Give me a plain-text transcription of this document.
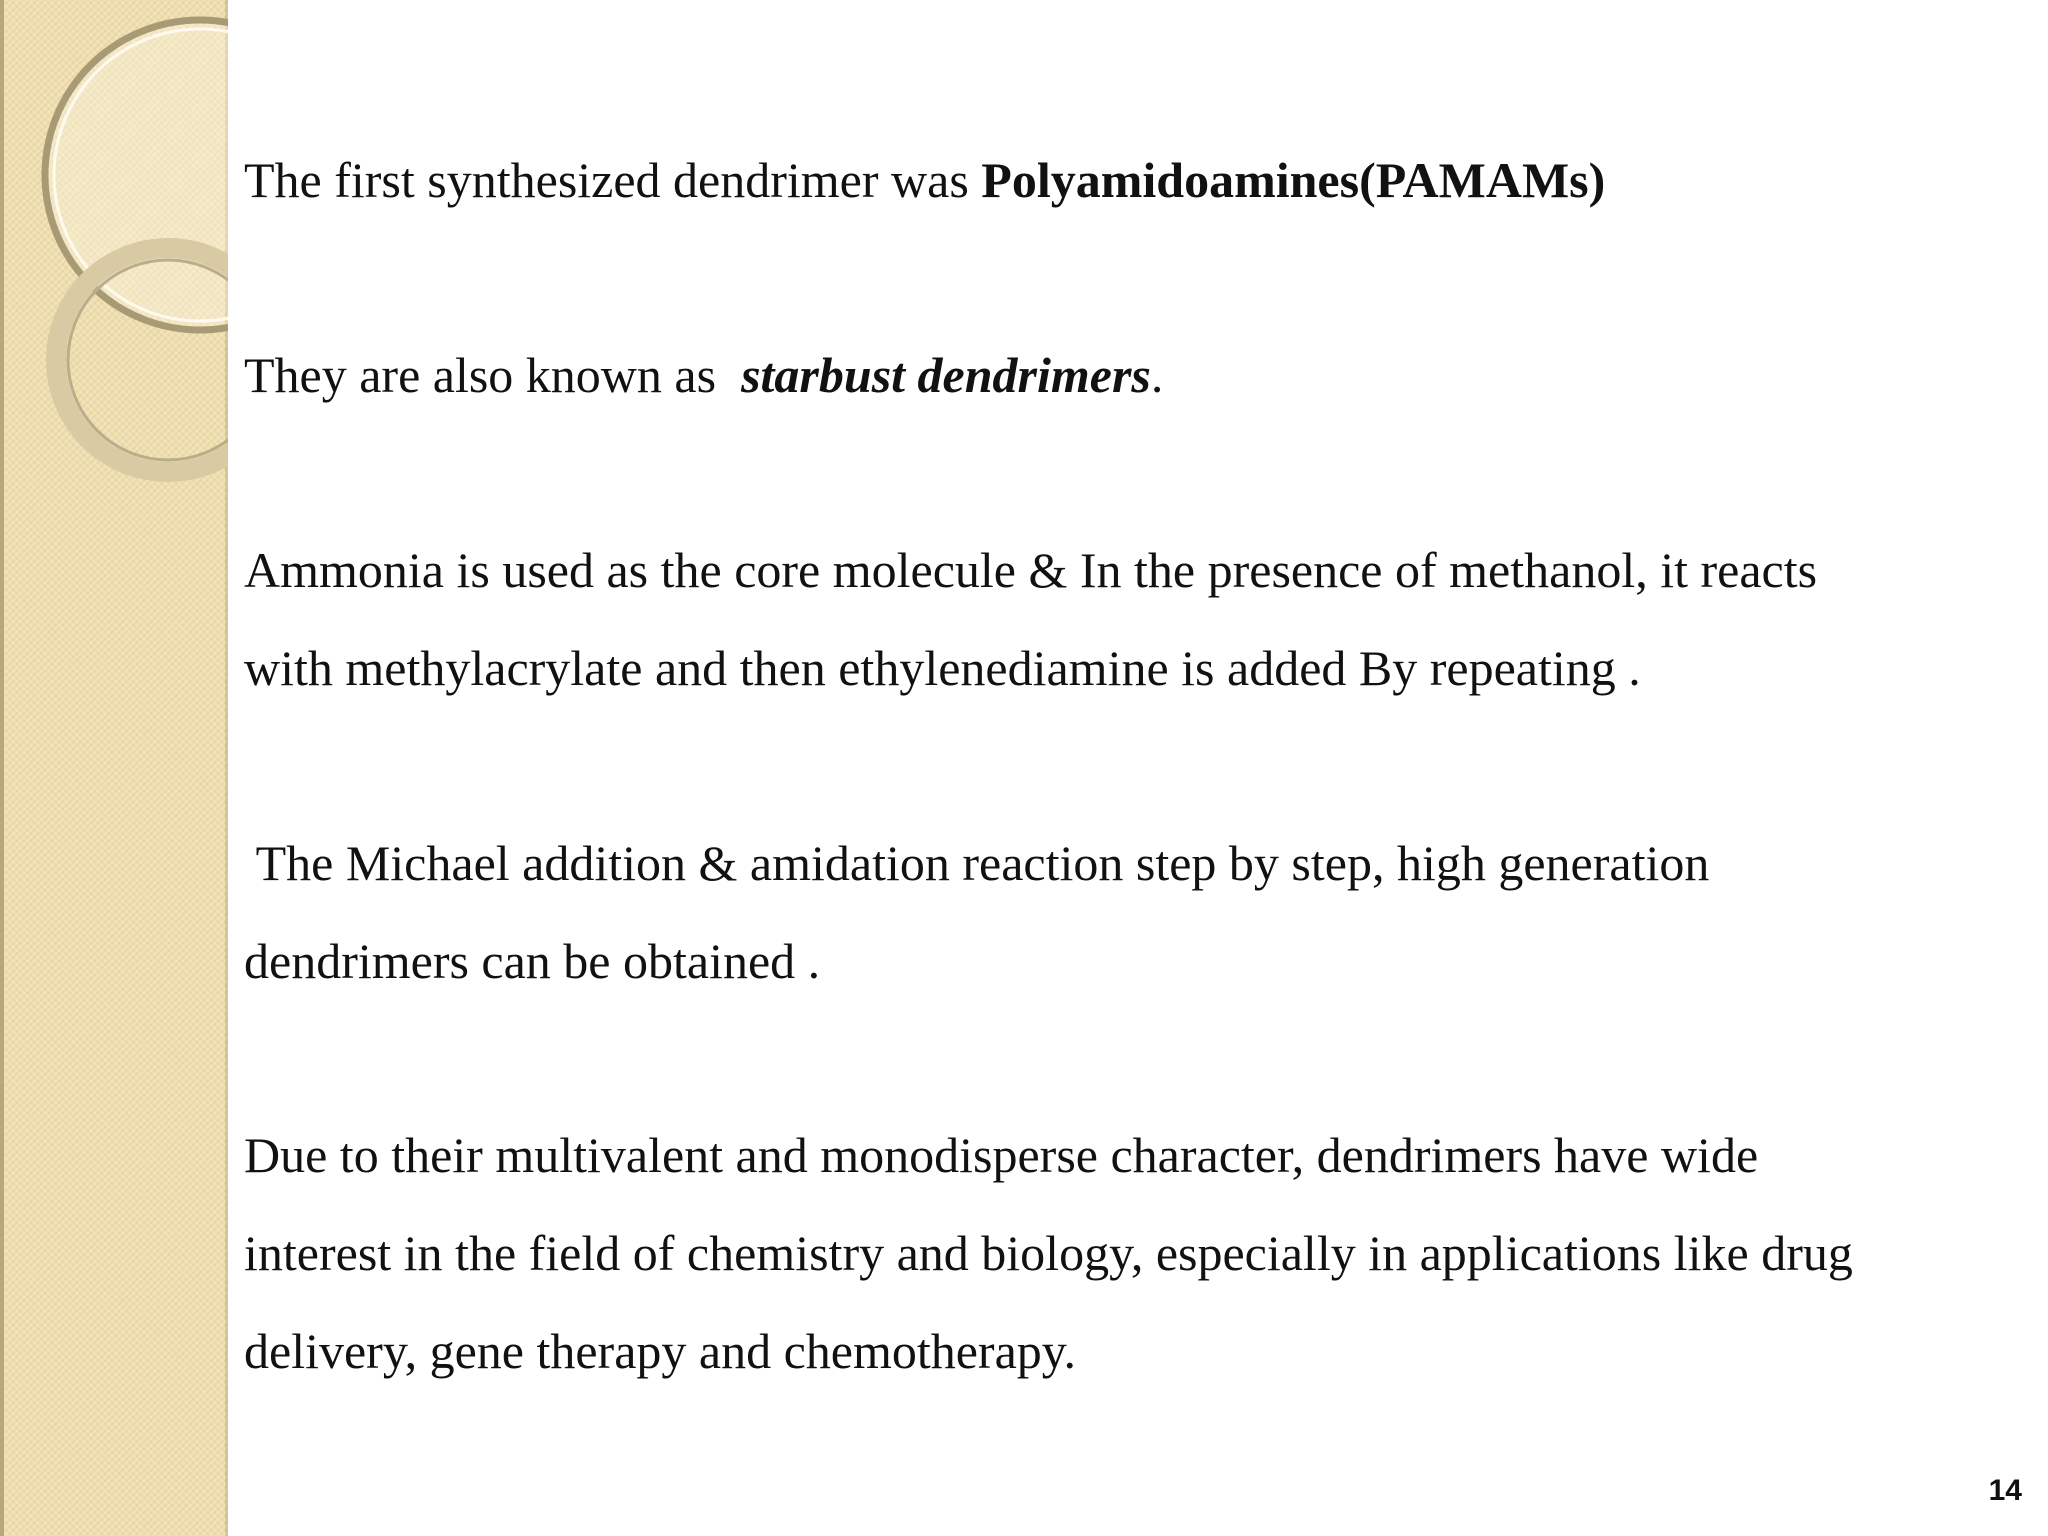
The first synthesized dendrimer was Polyamidoamines(PAMAMs)
They are also known as  starbust dendrimers.
Ammonia is used as the core molecule & In the presence of methanol, it reacts
with methylacrylate and then ethylenediamine is added By repeating .
The Michael addition & amidation reaction step by step, high generation
dendrimers can be obtained .
Due to their multivalent and monodisperse character, dendrimers have wide
interest in the field of chemistry and biology, especially in applications like drug
delivery, gene therapy and chemotherapy.
14
